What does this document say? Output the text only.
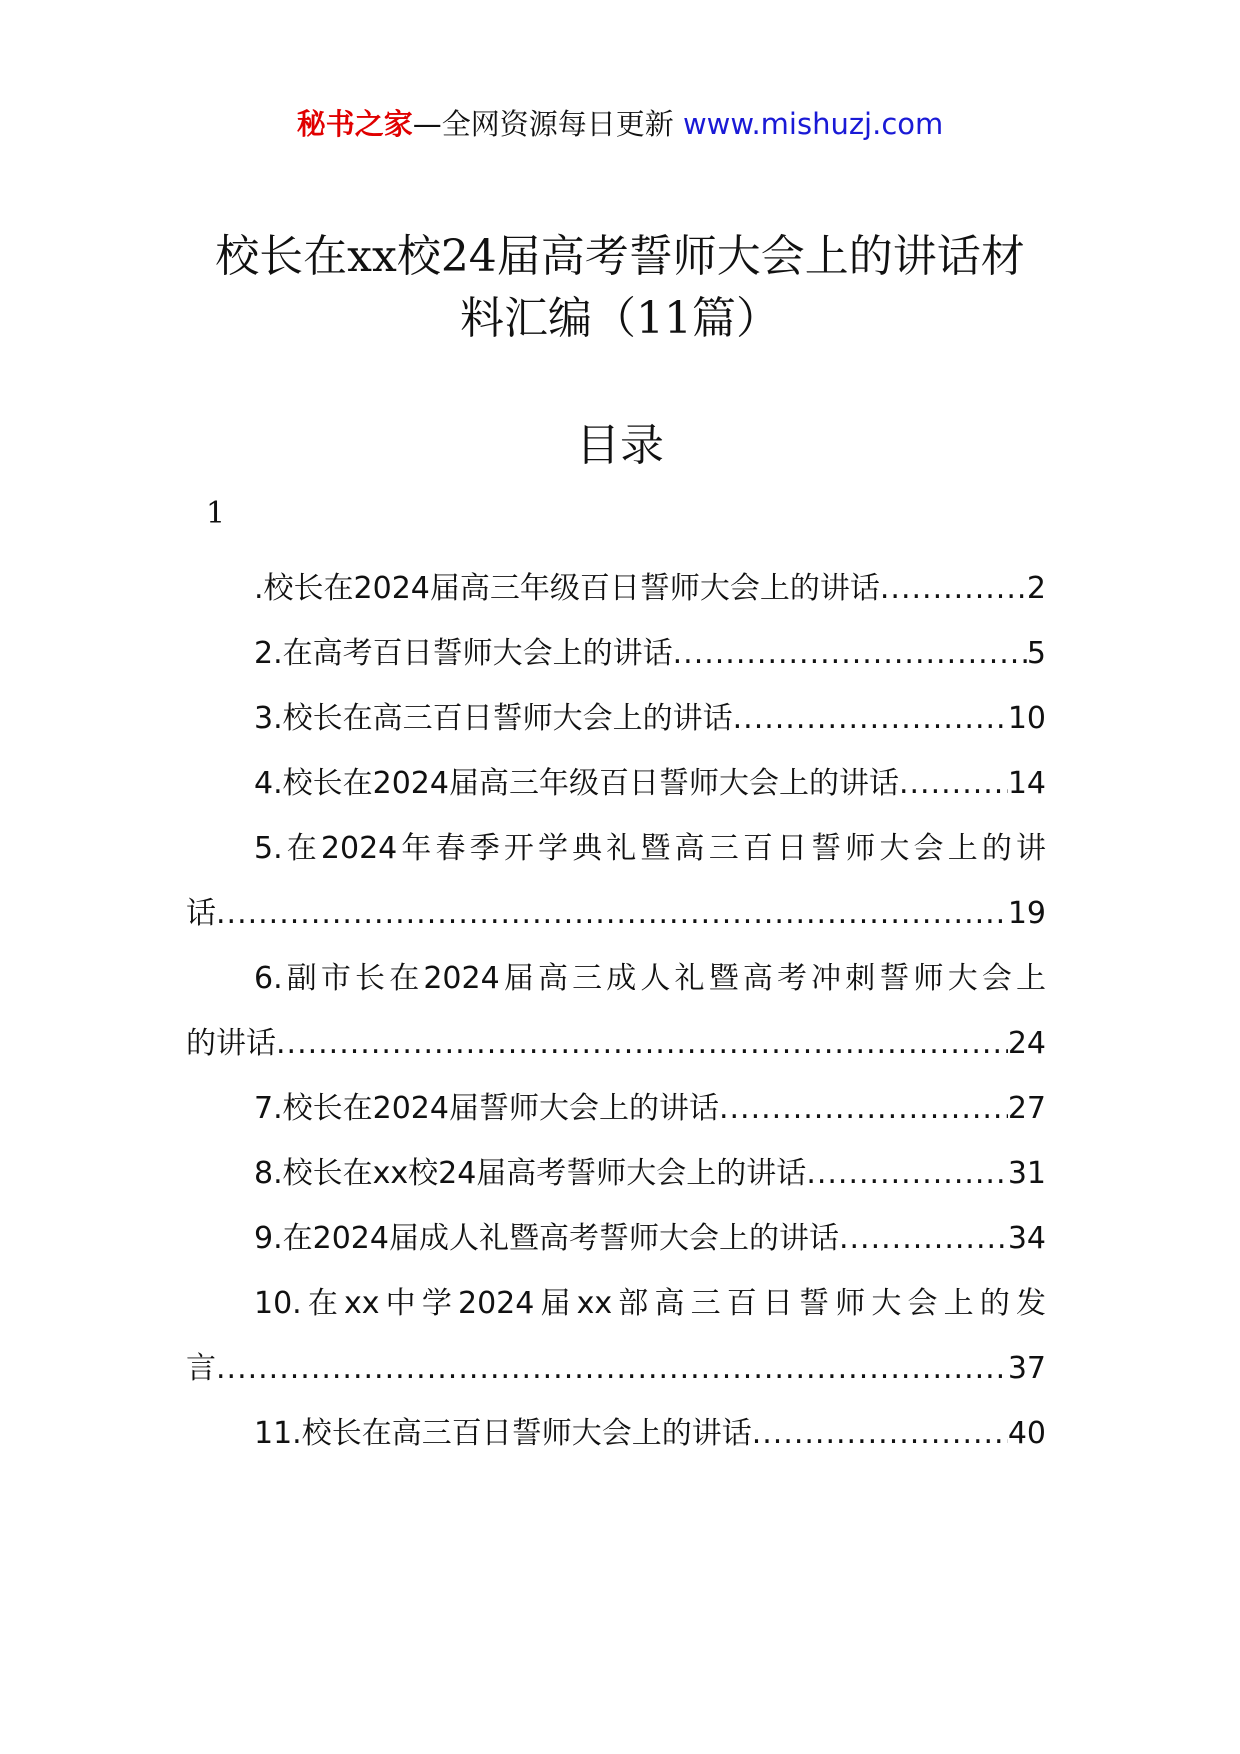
秘书之家—全网资源每日更新 www.mishuzj.com
校长在xx校24届高考誓师大会上的讲话材
料汇编（11篇）
目录
1
.校长在2024届高三年级百日誓师大会上的讲话 .....	2
2.在高考百日誓师大会上的讲话 .....	5
3.校长在高三百日誓师大会上的讲话 .....	10
4.校长在2024届高三年级百日誓师大会上的讲话 .....	14
5.在2024年春季开学典礼暨高三百日誓师大会上的讲
话 .....	19
6.副市长在2024届高三成人礼暨高考冲刺誓师大会上
的讲话 .....	24
7.校长在2024届誓师大会上的讲话 .....	27
8.校长在xx校24届高考誓师大会上的讲话 .....	31
9.在2024届成人礼暨高考誓师大会上的讲话 .....	34
10.在xx中学2024届xx部高三百日誓师大会上的发
言 .....	37
11.校长在高三百日誓师大会上的讲话 .....	40
